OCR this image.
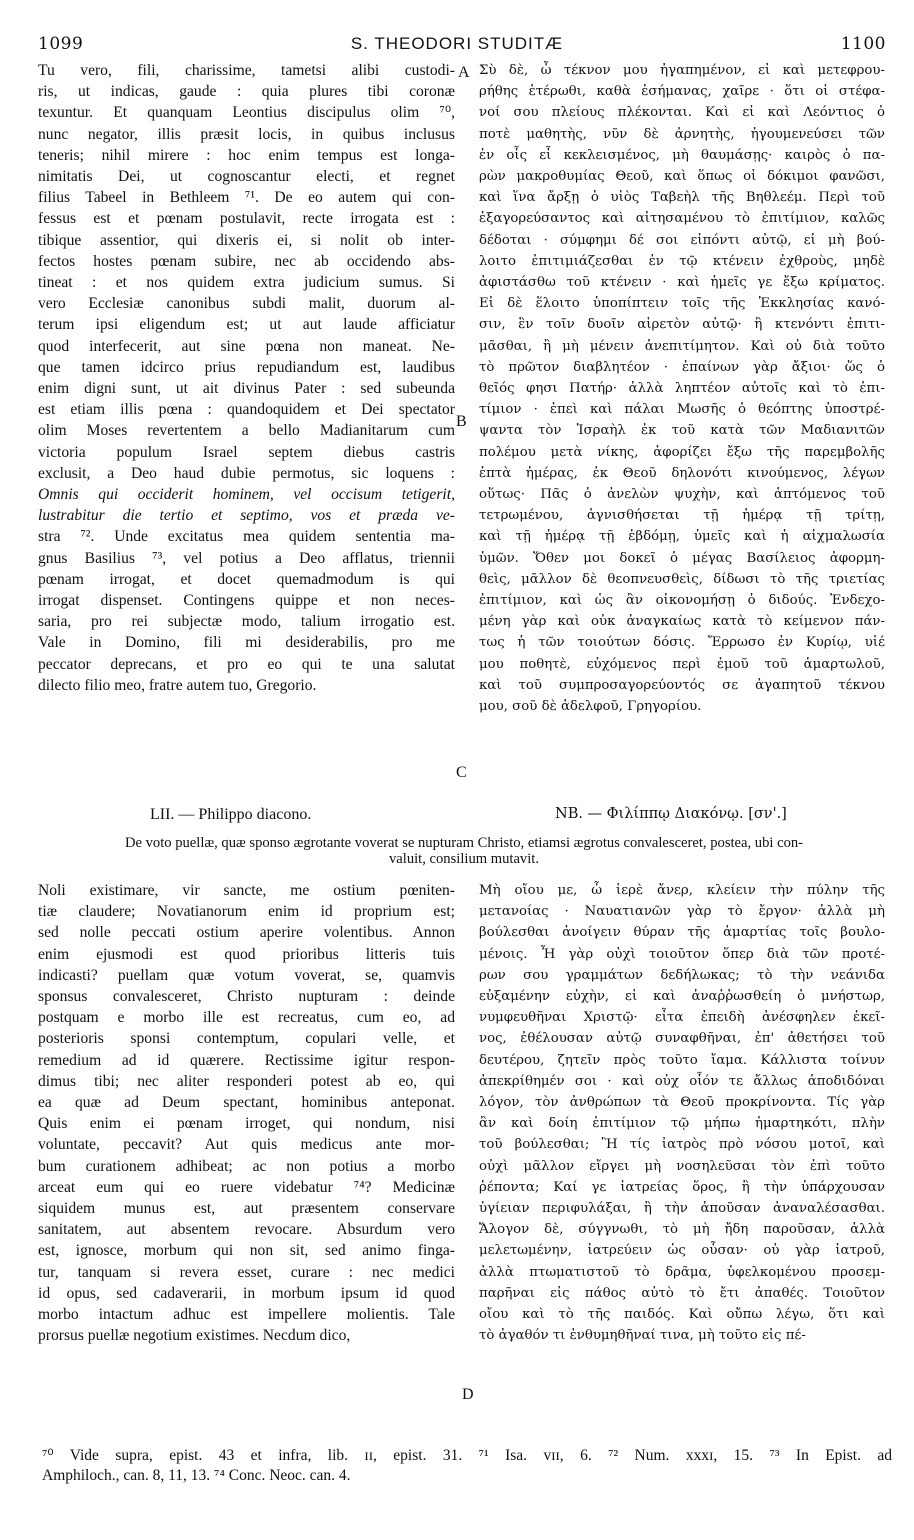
1099	S. THEODORI STUDITÆ	1100
Tu vero, fili, charissime, tametsi alibi custodi-
ris, ut indicas, gaude : quia plures tibi coronæ
texuntur. Et quanquam Leontius discipulus olim ⁷⁰,
nunc negator, illis præsit locis, in quibus inclusus
teneris; nihil mirere : hoc enim tempus est longa-
nimitatis Dei, ut cognoscantur electi, et regnet
filius Tabeel in Bethleem ⁷¹. De eo autem qui con-
fessus est et pœnam postulavit, recte irrogata est :
tibique assentior, qui dixeris ei, si nolit ob inter-
fectos hostes pœnam subire, nec ab occidendo abs-
tineat : et nos quidem extra judicium sumus. Si
vero Ecclesiæ canonibus subdi malit, duorum al-
terum ipsi eligendum est; ut aut laude afficiatur
quod interfecerit, aut sine pœna non maneat. Ne-
que tamen idcirco prius repudiandum est, laudibus
enim digni sunt, ut ait divinus Pater : sed subeunda
est etiam illis pœna : quandoquidem et Dei spectator
olim Moses revertentem a bello Madianitarum cum
victoria populum Israel septem diebus castris
exclusit, a Deo haud dubie permotus, sic loquens :
Omnis qui occiderit hominem, vel occisum tetigerit,
lustrabitur die tertio et septimo, vos et præda ve-
stra ⁷². Unde excitatus mea quidem sententia ma-
gnus Basilius ⁷³, vel potius a Deo afflatus, triennii
pœnam irrogat, et docet quemadmodum is qui
irrogat dispenset. Contingens quippe et non neces-
saria, pro rei subjectæ modo, talium irrogatio est.
Vale in Domino, fili mi desiderabilis, pro me
peccator deprecans, et pro eo qui te una salutat
dilecto filio meo, fratre autem tuo, Gregorio.
Σὺ δὲ, ὦ τέκνον μου ἠγαπημένον, εἰ καὶ μετεφρου-
ρήθης ἑτέρωθι, καθὰ ἐσήμανας, χαῖρε · ὅτι οἱ στέφα-
νοί σου πλείους πλέκονται. Καὶ εἰ καὶ Λεόντιος ὁ
ποτὲ μαθητὴς, νῦν δὲ ἀρνητὴς, ἡγουμενεύσει τῶν
ἐν οἷς εἶ κεκλεισμένος, μὴ θαυμάσῃς· καιρὸς ὁ πα-
ρὼν μακροθυμίας Θεοῦ, καὶ ὅπως οἱ δόκιμοι φανῶσι,
καὶ ἵνα ἄρξῃ ὁ υἱὸς Ταβεὴλ τῆς Βηθλεέμ. Περὶ τοῦ
ἐξαγορεύσαντος καὶ αἰτησαμένου τὸ ἐπιτίμιον, καλῶς
δέδοται · σύμφημι δέ σοι εἰπόντι αὐτῷ, εἰ μὴ βού-
λοιτο ἐπιτιμιάζεσθαι ἐν τῷ κτένειν ἐχθροὺς, μηδὲ
ἀφιστάσθω τοῦ κτένειν · καὶ ἡμεῖς γε ἔξω κρίματος.
Εἰ δὲ ἕλοιτο ὑποπίπτειν τοῖς τῆς Ἐκκλησίας κανό-
σιν, ἓν τοῖν δυοῖν αἱρετὸν αὐτῷ· ἢ κτενόντι ἐπιτι-
μᾶσθαι, ἢ μὴ μένειν ἀνεπιτίμητον. Καὶ οὐ διὰ τοῦτο
τὸ πρῶτον διαβλητέον · ἐπαίνων γὰρ ἄξιοι· ὥς ὁ
θεῖός φησι Πατήρ· ἀλλὰ ληπτέον αὐτοῖς καὶ τὸ ἐπι-
τίμιον · ἐπεὶ καὶ πάλαι Μωσῆς ὁ θεόπτης ὑποστρέ-
ψαντα τὸν Ἰσραὴλ ἐκ τοῦ κατὰ τῶν Μαδιανιτῶν
πολέμου μετὰ νίκης, ἀφορίζει ἔξω τῆς παρεμβολῆς
ἑπτὰ ἡμέρας, ἐκ Θεοῦ δηλονότι κινούμενος, λέγων
οὕτως· Πᾶς ὁ ἀνελὼν ψυχὴν, καὶ ἁπτόμενος τοῦ
τετρωμένου, ἁγνισθήσεται τῇ ἡμέρᾳ τῇ τρίτῃ,
καὶ τῇ ἡμέρᾳ τῇ ἑβδόμῃ, ὑμεῖς καὶ ἡ αἰχμαλωσία
ὑμῶν. Ὅθεν μοι δοκεῖ ὁ μέγας Βασίλειος ἀφορμη-
θεὶς, μᾶλλον δὲ θεοπνευσθεὶς, δίδωσι τὸ τῆς τριετίας
ἐπιτίμιον, καὶ ὡς ἂν οἰκονομήσῃ ὁ διδούς. Ἐνδεχο-
μένη γὰρ καὶ οὐκ ἀναγκαίως κατὰ τὸ κείμενον πάν-
τως ἡ τῶν τοιούτων δόσις. Ἔρρωσο ἐν Κυρίῳ, υἱέ
μου ποθητὲ, εὐχόμενος περὶ ἐμοῦ τοῦ ἁμαρτωλοῦ,
καὶ τοῦ συμπροσαγορεύοντός σε ἀγαπητοῦ τέκνου
μου, σοῦ δὲ ἀδελφοῦ, Γρηγορίου.
A
B
C
D
LII. — Philippo diacono.	ΝΒ. — Φιλίππῳ Διακόνῳ. [σν'.]
De voto puellæ, quæ sponso ægrotante voverat se nupturam Christo, etiamsi ægrotus convalesceret, postea, ubi con-
valuit, consilium mutavit.
Noli existimare, vir sancte, me ostium pœniten-
tiæ claudere; Novatianorum enim id proprium est;
sed nolle peccati ostium aperire volentibus. Annon
enim ejusmodi est quod prioribus litteris tuis
indicasti? puellam quæ votum voverat, se, quamvis
sponsus convalesceret, Christo nupturam : deinde
postquam e morbo ille est recreatus, cum eo, ad
posterioris sponsi contemptum, copulari velle, et
remedium ad id quærere. Rectissime igitur respon-
dimus tibi; nec aliter responderi potest ab eo, qui
ea quæ ad Deum spectant, hominibus anteponat.
Quis enim ei pœnam irroget, qui nondum, nisi
voluntate, peccavit? Aut quis medicus ante mor-
bum curationem adhibeat; ac non potius a morbo
arceat eum qui eo ruere videbatur ⁷⁴? Medicinæ
siquidem munus est, aut præsentem conservare
sanitatem, aut absentem revocare. Absurdum vero
est, ignosce, morbum qui non sit, sed animo finga-
tur, tanquam si revera esset, curare : nec medici
id opus, sed cadaverarii, in morbum ipsum id quod
morbo intactum adhuc est impellere molientis. Tale
prorsus puellæ negotium existimes. Necdum dico,
Μὴ οἴου με, ὦ ἱερὲ ἄνερ, κλείειν τὴν πύλην τῆς
μετανοίας · Ναυατιανῶν γὰρ τὸ ἔργον· ἀλλὰ μὴ
βούλεσθαι ἀνοίγειν θύραν τῆς ἁμαρτίας τοῖς βουλο-
μένοις. Ἦ γὰρ οὐχὶ τοιοῦτον ὅπερ διὰ τῶν προτέ-
ρων σου γραμμάτων δεδήλωκας; τὸ τὴν νεάνιδα
εὐξαμένην εὐχὴν, εἰ καὶ ἀναῤῥωσθείη ὁ μνήστωρ,
νυμφευθῆναι Χριστῷ· εἶτα ἐπειδὴ ἀνέσφηλεν ἐκεῖ-
νος, ἐθέλουσαν αὐτῷ συναφθῆναι, ἐπ' ἀθετήσει τοῦ
δευτέρου, ζητεῖν πρὸς τοῦτο ἴαμα. Κάλλιστα τοίνυν
ἀπεκρίθημέν σοι · καὶ οὐχ οἷόν τε ἄλλως ἀποδιδόναι
λόγον, τὸν ἀνθρώπων τὰ Θεοῦ προκρίνοντα. Τίς γὰρ
ἂν καὶ δοίη ἐπιτίμιον τῷ μήπω ἡμαρτηκότι, πλὴν
τοῦ βούλεσθαι; Ἢ τίς ἰατρὸς πρὸ νόσου μοτοῖ, καὶ
οὐχὶ μᾶλλον εἴργει μὴ νοσηλεῦσαι τὸν ἐπὶ τοῦτο
ῥέποντα; Καί γε ἰατρείας ὅρος, ἢ τὴν ὑπάρχουσαν
ὑγίειαν περιφυλάξαι, ἢ τὴν ἀποῦσαν ἀναναλέσασθαι.
Ἄλογον δὲ, σύγγνωθι, τὸ μὴ ἤδη παροῦσαν, ἀλλὰ
μελετωμένην, ἰατρεύειν ὡς οὖσαν· οὐ γὰρ ἰατροῦ,
ἀλλὰ πτωματιστοῦ τὸ δρᾶμα, ὑφελκομένου προσεμ-
παρῆναι εἰς πάθος αὐτὸ τὸ ἔτι ἀπαθές. Τοιοῦτον
οἴου καὶ τὸ τῆς παιδός. Καὶ οὔπω λέγω, ὅτι καὶ
τὸ ἀγαθόν τι ἐνθυμηθῆναί τινα, μὴ τοῦτο εἰς πέ-
⁷⁰ Vide supra, epist. 43 et infra, lib. ɪɪ, epist. 31. ⁷¹ Isa. ᴠɪɪ, 6. ⁷² Num. xxxɪ, 15. ⁷³ In Epist. ad
Amphiloch., can. 8, 11, 13. ⁷⁴ Conc. Neoc. can. 4.
